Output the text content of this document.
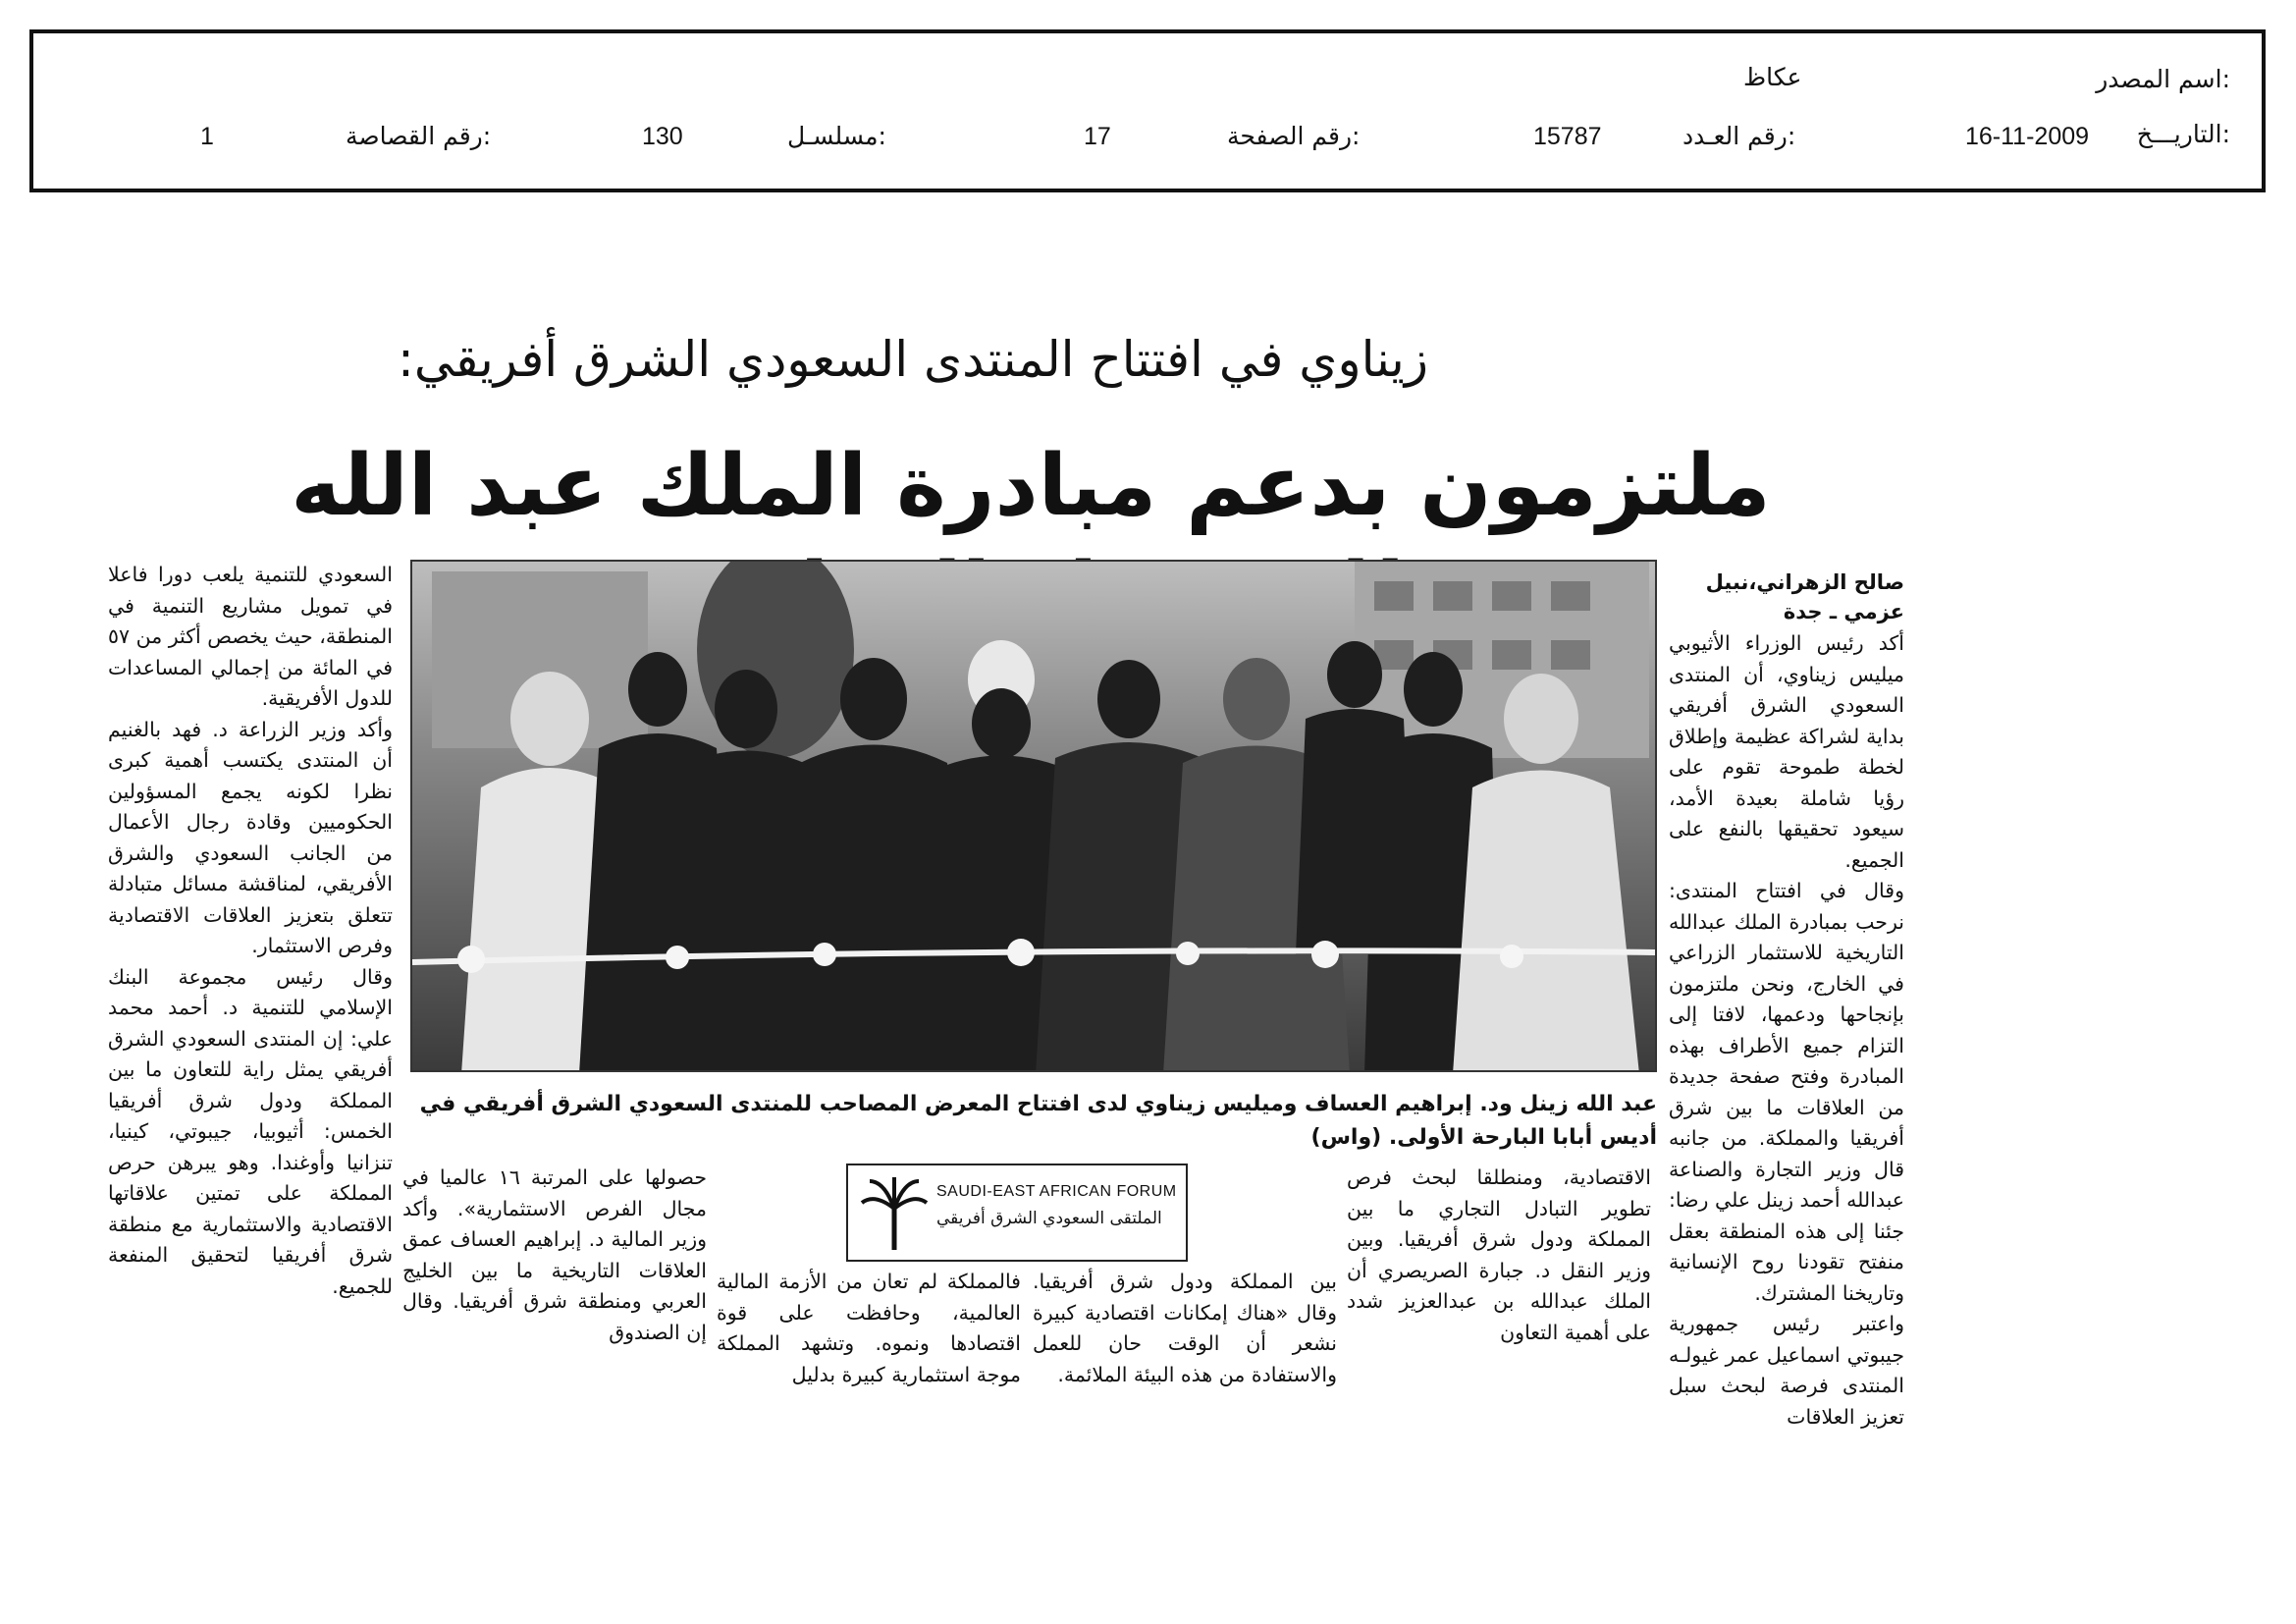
اسم المصدر:
عكاظ
التاريـــخ:
16-11-2009
رقم العـدد:
15787
رقم الصفحة:
17
مسلسـل:
130
رقم القصاصة:
1
زيناوي في افتتاح المنتدى السعودي الشرق أفريقي:
ملتزمون بدعم مبادرة الملك عبد الله
صالح الزهراني،نبيل عزمي ـ جدة

أكد رئيس الوزراء الأثيوبي ميليس زيناوي، أن المنتدى السعودي الشرق أفريقي بداية لشراكة عظيمة وإطلاق لخطة طموحة تقوم على رؤيا شاملة بعيدة الأمد، سيعود تحقيقها بالنفع على الجميع.

وقال في افتتاح المنتدى: نرحب بمبادرة الملك عبدالله التاريخية للاستثمار الزراعي في الخارج، ونحن ملتزمون بإنجاحها ودعمها، لافتا إلى التزام جميع الأطراف بهذه المبادرة وفتح صفحة جديدة من العلاقات ما بين شرق أفريقيا والمملكة. من جانبه قال وزير التجارة والصناعة عبدالله أحمد زينل علي رضا: جئنا إلى هذه المنطقة بعقل منفتح تقودنا روح الإنسانية وتاريخنا المشترك.

واعتبر رئيس جمهورية جيبوتي اسماعيل عمر غيولـه المنتدى فرصة لبحث سبل تعزيز العلاقات

السعودي للتنمية يلعب دورا فاعلا في تمويل مشاريع التنمية في المنطقة، حيث يخصص أكثر من ٥٧ في المائة من إجمالي المساعدات للدول الأفريقية.

وأكد وزير الزراعة د. فهد بالغنيم أن المنتدى يكتسب أهمية كبرى نظرا لكونه يجمع المسؤولين الحكوميين وقادة رجال الأعمال من الجانب السعودي والشرق الأفريقي، لمناقشة مسائل متبادلة تتعلق بتعزيز العلاقات الاقتصادية وفرص الاستثمار.

وقال رئيس مجموعة البنك الإسلامي للتنمية د. أحمد محمد علي: إن المنتدى السعودي الشرق أفريقي يمثل راية للتعاون ما بين المملكة ودول شرق أفريقيا الخمس: أثيوبيا، جيبوتي، كينيا، تنزانيا وأوغندا. وهو يبرهن حرص المملكة على تمتين علاقاتها الاقتصادية والاستثمارية مع منطقة شرق أفريقيا لتحقيق المنفعة للجميع.

عبد الله زينل ود. إبراهيم العساف وميليس زيناوي لدى افتتاح المعرض المصاحب للمنتدى السعودي الشرق أفريقي في أديس أبابا البارحة الأولى. (واس)
الاقتصادية، ومنطلقا لبحث فرص تطوير التبادل التجاري ما بين المملكة ودول شرق أفريقيا. وبين وزير النقل د. جبارة الصريصري أن الملك عبدالله بن عبدالعزيز شدد على أهمية التعاون
بين المملكة ودول شرق أفريقيا. وقال «هناك إمكانات اقتصادية كبيرة نشعر أن الوقت حان للعمل والاستفادة من هذه البيئة الملائمة.
فالمملكة لم تعان من الأزمة المالية العالمية، وحافظت على قوة اقتصادها ونموه. وتشهد المملكة موجة استثمارية كبيرة بدليل
حصولها على المرتبة ١٦ عالميا في مجال الفرص الاستثمارية». وأكد وزير المالية د. إبراهيم العساف عمق العلاقات التاريخية ما بين الخليج العربي ومنطقة شرق أفريقيا. وقال إن الصندوق
SAUDI-EAST AFRICAN FORUM
الملتقى السعودي الشرق أفريقي
